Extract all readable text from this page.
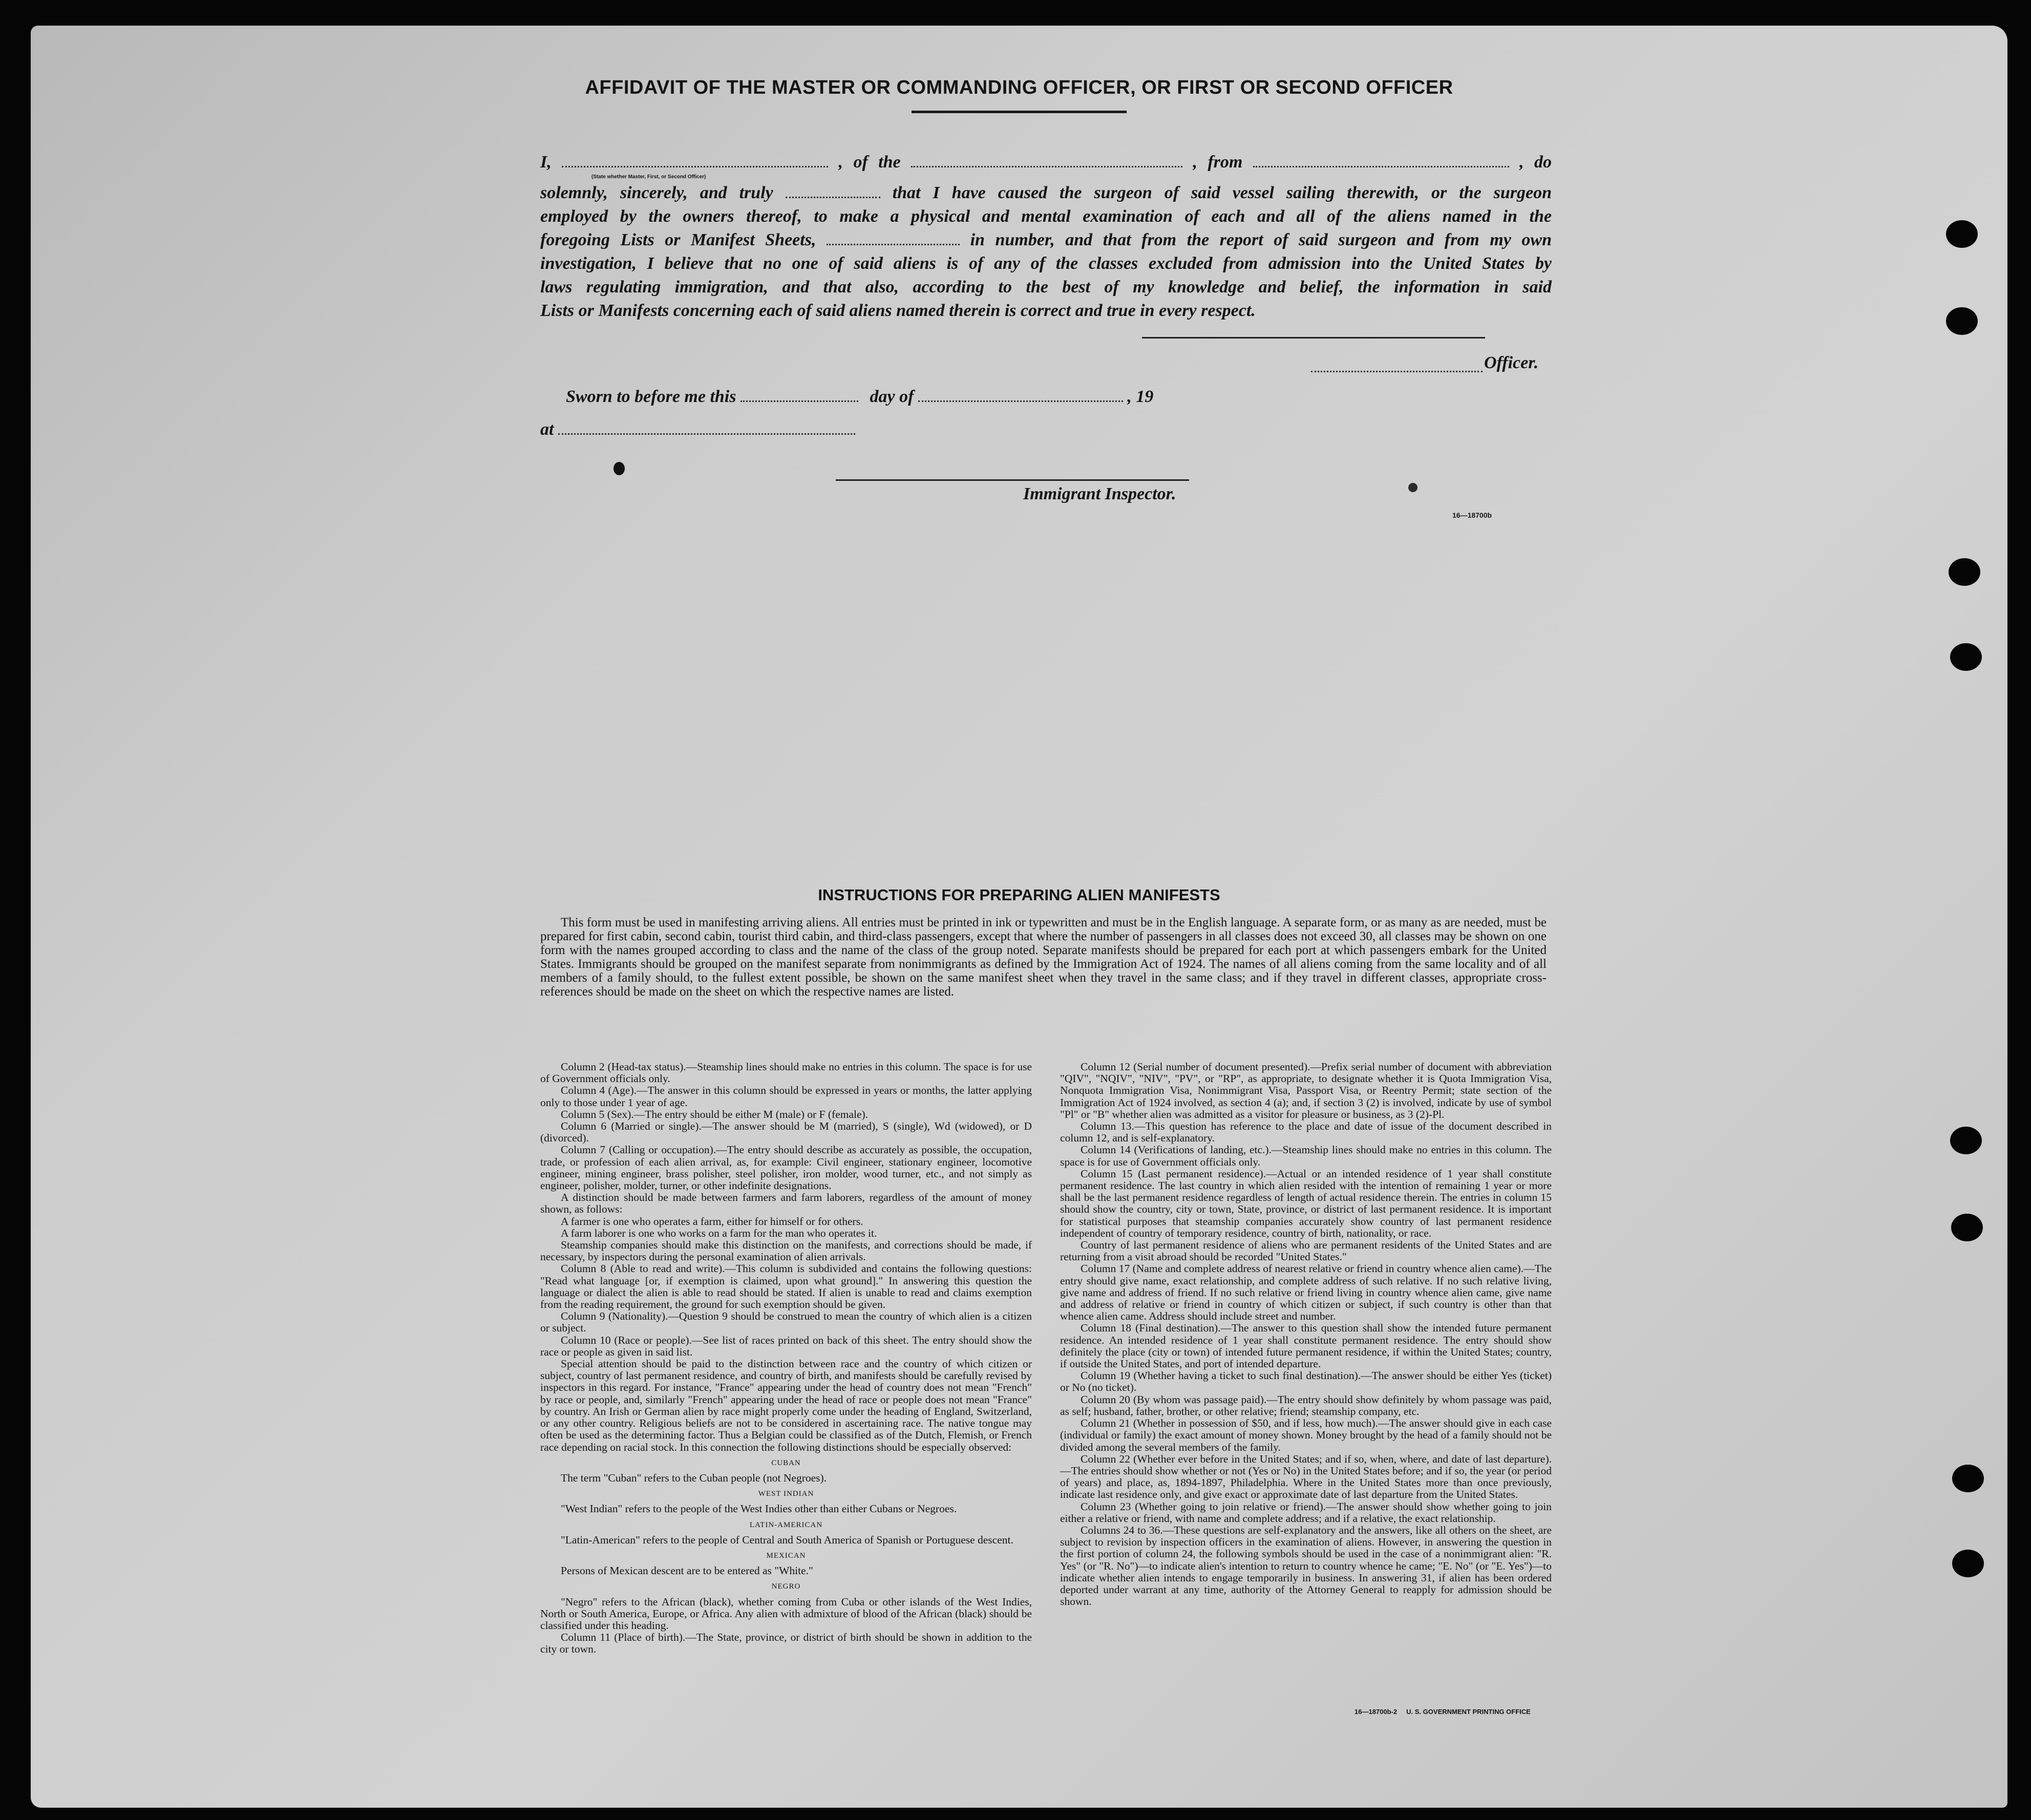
AFFIDAVIT OF THE MASTER OR COMMANDING OFFICER, OR FIRST OR SECOND OFFICER
I,	, of the	, from	, do
(State whether Master, First, or Second Officer)
solemnly, sincerely, and truly	that I have caused the surgeon of said vessel sailing therewith, or the surgeon
employed by the owners thereof, to make a physical and mental examination of each and all of the aliens named in the
foregoing Lists or Manifest Sheets,	in number, and that from the report of said surgeon and from my own
investigation, I believe that no one of said aliens is of any of the classes excluded from admission into the United States by
laws regulating immigration, and that also, according to the best of my knowledge and belief, the information in said
Lists or Manifests concerning each of said aliens named therein is correct and true in every respect.
Officer.
Sworn to before me this	day of	, 19
at
Immigrant Inspector.
16—18700b
INSTRUCTIONS FOR PREPARING ALIEN MANIFESTS
This form must be used in manifesting arriving aliens. All entries must be printed in ink or typewritten and must be in the English language. A separate form, or as many as are needed, must be prepared for first cabin, second cabin, tourist third cabin, and third-class passengers, except that where the number of passengers in all classes does not exceed 30, all classes may be shown on one form with the names grouped according to class and the name of the class of the group noted. Separate manifests should be prepared for each port at which passengers embark for the United States. Immigrants should be grouped on the manifest separate from nonimmigrants as defined by the Immigration Act of 1924. The names of all aliens coming from the same locality and of all members of a family should, to the fullest extent possible, be shown on the same manifest sheet when they travel in the same class; and if they travel in different classes, appropriate cross-references should be made on the sheet on which the respective names are listed.

Column 2 (Head-tax status).—Steamship lines should make no entries in this column. The space is for use of Government officials only.

Column 4 (Age).—The answer in this column should be expressed in years or months, the latter applying only to those under 1 year of age.

Column 5 (Sex).—The entry should be either M (male) or F (female).

Column 6 (Married or single).—The answer should be M (married), S (single), Wd (widowed), or D (divorced).

Column 7 (Calling or occupation).—The entry should describe as accurately as possible, the occupation, trade, or profession of each alien arrival, as, for example: Civil engineer, stationary engineer, locomotive engineer, mining engineer, brass polisher, steel polisher, iron molder, wood turner, etc., and not simply as engineer, polisher, molder, turner, or other indefinite designations.

A distinction should be made between farmers and farm laborers, regardless of the amount of money shown, as follows:

A farmer is one who operates a farm, either for himself or for others.

A farm laborer is one who works on a farm for the man who operates it.

Steamship companies should make this distinction on the manifests, and corrections should be made, if necessary, by inspectors during the personal examination of alien arrivals.

Column 8 (Able to read and write).—This column is subdivided and contains the following questions: "Read what language [or, if exemption is claimed, upon what ground]." In answering this question the language or dialect the alien is able to read should be stated. If alien is unable to read and claims exemption from the reading requirement, the ground for such exemption should be given.

Column 9 (Nationality).—Question 9 should be construed to mean the country of which alien is a citizen or subject.

Column 10 (Race or people).—See list of races printed on back of this sheet. The entry should show the race or people as given in said list.

Special attention should be paid to the distinction between race and the country of which citizen or subject, country of last permanent residence, and country of birth, and manifests should be carefully revised by inspectors in this regard. For instance, "France" appearing under the head of country does not mean "French" by race or people, and, similarly "French" appearing under the head of race or people does not mean "France" by country. An Irish or German alien by race might properly come under the heading of England, Switzerland, or any other country. Religious beliefs are not to be considered in ascertaining race. The native tongue may often be used as the determining factor. Thus a Belgian could be classified as of the Dutch, Flemish, or French race depending on racial stock. In this connection the following distinctions should be especially observed:

CUBAN

The term "Cuban" refers to the Cuban people (not Negroes).

WEST INDIAN

"West Indian" refers to the people of the West Indies other than either Cubans or Negroes.

LATIN-AMERICAN

"Latin-American" refers to the people of Central and South America of Spanish or Portuguese descent.

MEXICAN

Persons of Mexican descent are to be entered as "White."

NEGRO

"Negro" refers to the African (black), whether coming from Cuba or other islands of the West Indies, North or South America, Europe, or Africa. Any alien with admixture of blood of the African (black) should be classified under this heading.

Column 11 (Place of birth).—The State, province, or district of birth should be shown in addition to the city or town.

Column 12 (Serial number of document presented).—Prefix serial number of document with abbreviation "QIV", "NQIV", "NIV", "PV", or "RP", as appropriate, to designate whether it is Quota Immigration Visa, Nonquota Immigration Visa, Nonimmigrant Visa, Passport Visa, or Reentry Permit; state section of the Immigration Act of 1924 involved, as section 4 (a); and, if section 3 (2) is involved, indicate by use of symbol "Pl" or "B" whether alien was admitted as a visitor for pleasure or business, as 3 (2)-Pl.

Column 13.—This question has reference to the place and date of issue of the document described in column 12, and is self-explanatory.

Column 14 (Verifications of landing, etc.).—Steamship lines should make no entries in this column. The space is for use of Government officials only.

Column 15 (Last permanent residence).—Actual or an intended residence of 1 year shall constitute permanent residence. The last country in which alien resided with the intention of remaining 1 year or more shall be the last permanent residence regardless of length of actual residence therein. The entries in column 15 should show the country, city or town, State, province, or district of last permanent residence. It is important for statistical purposes that steamship companies accurately show country of last permanent residence independent of country of temporary residence, country of birth, nationality, or race.

Country of last permanent residence of aliens who are permanent residents of the United States and are returning from a visit abroad should be recorded "United States."

Column 17 (Name and complete address of nearest relative or friend in country whence alien came).—The entry should give name, exact relationship, and complete address of such relative. If no such relative living, give name and address of friend. If no such relative or friend living in country whence alien came, give name and address of relative or friend in country of which citizen or subject, if such country is other than that whence alien came. Address should include street and number.

Column 18 (Final destination).—The answer to this question shall show the intended future permanent residence. An intended residence of 1 year shall constitute permanent residence. The entry should show definitely the place (city or town) of intended future permanent residence, if within the United States; country, if outside the United States, and port of intended departure.

Column 19 (Whether having a ticket to such final destination).—The answer should be either Yes (ticket) or No (no ticket).

Column 20 (By whom was passage paid).—The entry should show definitely by whom passage was paid, as self; husband, father, brother, or other relative; friend; steamship company, etc.

Column 21 (Whether in possession of $50, and if less, how much).—The answer should give in each case (individual or family) the exact amount of money shown. Money brought by the head of a family should not be divided among the several members of the family.

Column 22 (Whether ever before in the United States; and if so, when, where, and date of last departure).—The entries should show whether or not (Yes or No) in the United States before; and if so, the year (or period of years) and place, as, 1894-1897, Philadelphia. Where in the United States more than once previously, indicate last residence only, and give exact or approximate date of last departure from the United States.

Column 23 (Whether going to join relative or friend).—The answer should show whether going to join either a relative or friend, with name and complete address; and if a relative, the exact relationship.

Columns 24 to 36.—These questions are self-explanatory and the answers, like all others on the sheet, are subject to revision by inspection officers in the examination of aliens. However, in answering the question in the first portion of column 24, the following symbols should be used in the case of a nonimmigrant alien: "R. Yes" (or "R. No")—to indicate alien's intention to return to country whence he came; "E. No" (or "E. Yes")—to indicate whether alien intends to engage temporarily in business. In answering 31, if alien has been ordered deported under warrant at any time, authority of the Attorney General to reapply for admission should be shown.

16—18700b-2     U. S. GOVERNMENT PRINTING OFFICE
